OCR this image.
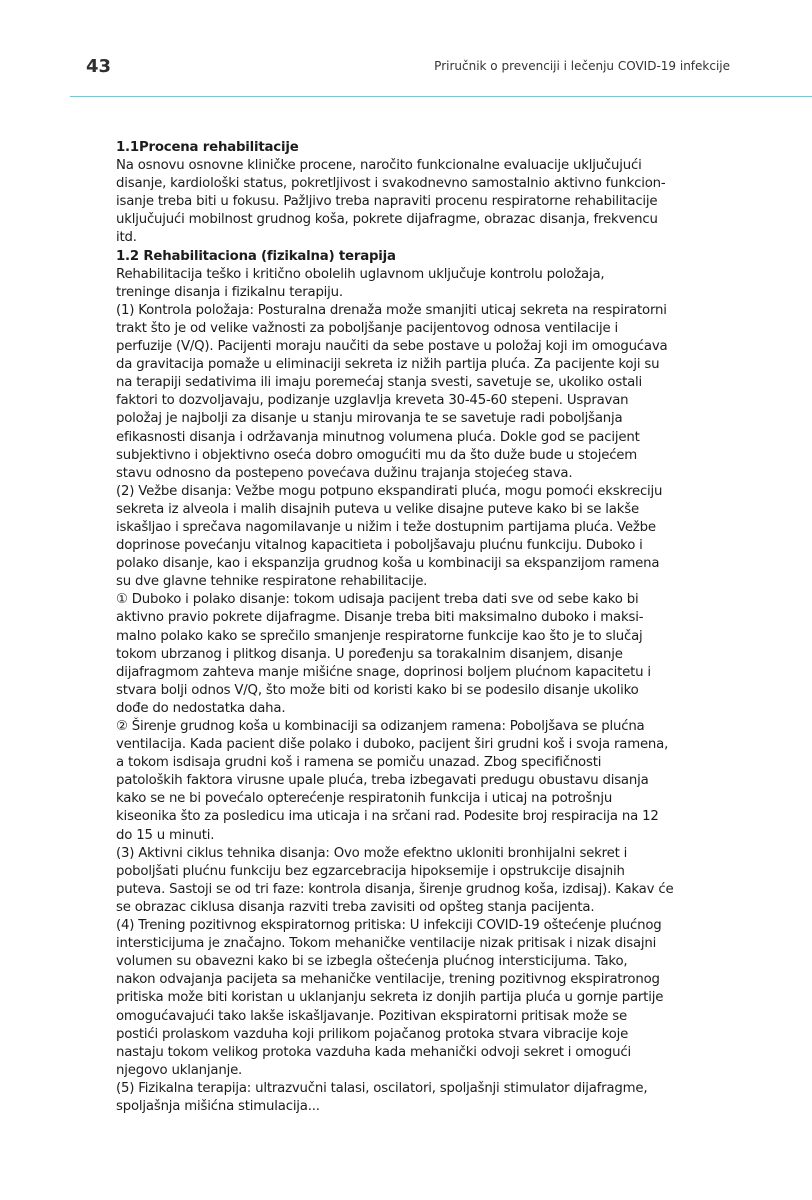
43	Priručnik o prevenciji i lečenju COVID-19 infekcije
1.1Procena rehabilitacije
Na osnovu osnovne kliničke procene, naročito funkcionalne evaluacije uključujući
disanje, kardiološki status, pokretljivost i svakodnevno samostalnio aktivno funkcion-
isanje treba biti u fokusu. Pažljivo treba napraviti procenu respiratorne rehabilitacije
uključujući mobilnost grudnog koša, pokrete dijafragme, obrazac disanja, frekvencu
itd.
1.2 Rehabilitaciona (fizikalna) terapija
Rehabilitacija teško i kritično obolelih uglavnom uključuje kontrolu položaja,
treninge disanja i fizikalnu terapiju.
(1) Kontrola položaja: Posturalna drenaža može smanjiti uticaj sekreta na respiratorni
trakt što je od velike važnosti za poboljšanje pacijentovog odnosa ventilacije i
perfuzije (V/Q). Pacijenti moraju naučiti da sebe postave u položaj koji im omogućava
da gravitacija pomaže u eliminaciji sekreta iz nižih partija pluća. Za pacijente koji su
na terapiji sedativima ili imaju poremećaj stanja svesti, savetuje se, ukoliko ostali
faktori to dozvoljavaju, podizanje uzglavlja kreveta 30-45-60 stepeni. Uspravan
položaj je najbolji za disanje u stanju mirovanja te se savetuje radi poboljšanja
efikasnosti disanja i održavanja minutnog volumena pluća. Dokle god se pacijent
subjektivno i objektivno oseća dobro omogućiti mu da što duže bude u stojećem
stavu odnosno da postepeno povećava dužinu trajanja stojećeg stava.
(2) Vežbe disanja: Vežbe mogu potpuno ekspandirati pluća, mogu pomoći ekskreciju
sekreta iz alveola i malih disajnih puteva u velike disajne puteve kako bi se lakše
iskašljao i sprečava nagomilavanje u nižim i teže dostupnim partijama pluća. Vežbe
doprinose povećanju vitalnog kapacitieta i poboljšavaju plućnu funkciju. Duboko i
polako disanje, kao i ekspanzija grudnog koša u kombinaciji sa ekspanzijom ramena
su dve glavne tehnike respiratone rehabilitacije.
① Duboko i polako disanje: tokom udisaja pacijent treba dati sve od sebe kako bi
aktivno pravio pokrete dijafragme. Disanje treba biti maksimalno duboko i maksi-
malno polako kako se sprečilo smanjenje respiratorne funkcije kao što je to slučaj
tokom ubrzanog i plitkog disanja. U poređenju sa torakalnim disanjem, disanje
dijafragmom zahteva manje mišićne snage, doprinosi boljem plućnom kapacitetu i
stvara bolji odnos V/Q, što može biti od koristi kako bi se podesilo disanje ukoliko
dođe do nedostatka daha.
② Širenje grudnog koša u kombinaciji sa odizanjem ramena: Poboljšava se plućna
ventilacija. Kada pacient diše polako i duboko, pacijent širi grudni koš i svoja ramena,
a tokom isdisaja grudni koš i ramena se pomiču unazad. Zbog specifičnosti
patoloških faktora virusne upale pluća, treba izbegavati predugu obustavu disanja
kako se ne bi povećalo opterećenje respiratonih funkcija i uticaj na potrošnju
kiseonika što za posledicu ima uticaja i na srčani rad. Podesite broj respiracija na 12
do 15 u minuti.
(3) Aktivni ciklus tehnika disanja: Ovo može efektno ukloniti bronhijalni sekret i
poboljšati plućnu funkciju bez egzarcebracija hipoksemije i opstrukcije disajnih
puteva. Sastoji se od tri faze: kontrola disanja, širenje grudnog koša, izdisaj). Kakav će
se obrazac ciklusa disanja razviti treba zavisiti od opšteg stanja pacijenta.
(4) Trening pozitivnog ekspiratornog pritiska: U infekciji COVID-19 oštećenje plućnog
intersticijuma je značajno. Tokom mehaničke ventilacije nizak pritisak i nizak disajni
volumen su obavezni kako bi se izbegla oštećenja plućnog intersticijuma. Tako,
nakon odvajanja pacijeta sa mehaničke ventilacije, trening pozitivnog ekspiratronog
pritiska može biti koristan u uklanjanju sekreta iz donjih partija pluća u gornje partije
omogućavajući tako lakše iskašljavanje. Pozitivan ekspiratorni pritisak može se
postići prolaskom vazduha koji prilikom pojačanog protoka stvara vibracije koje
nastaju tokom velikog protoka vazduha kada mehanički odvoji sekret i omogući
njegovo uklanjanje.
(5) Fizikalna terapija: ultrazvučni talasi, oscilatori, spoljašnji stimulator dijafragme,
spoljašnja mišićna stimulacija...
